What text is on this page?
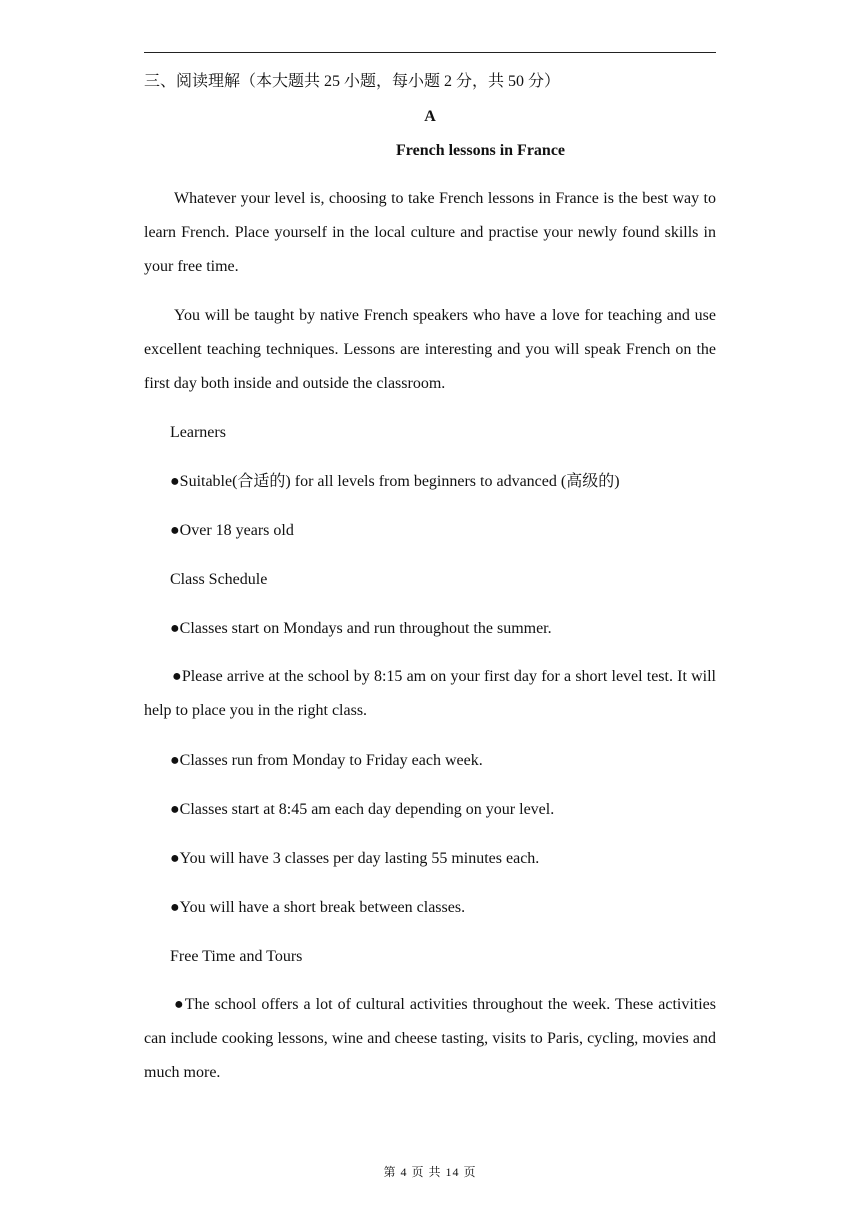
三、阅读理解（本大题共 25 小题，每小题 2 分，共 50 分）
A
French lessons in France

Whatever your level is, choosing to take French lessons in France is the best way to learn French. Place yourself in the local culture and practise your newly found skills in your free time.

You will be taught by native French speakers who have a love for teaching and use excellent teaching techniques. Lessons are interesting and you will speak French on the first day both inside and outside the classroom.

Learners
●Suitable(合适的) for all levels from beginners to advanced (高级的)
●Over 18 years old
Class Schedule
●Classes start on Mondays and run throughout the summer.

●Please arrive at the school by 8:15 am on your first day for a short level test. It will help to place you in the right class.

●Classes run from Monday to Friday each week.
●Classes start at 8:45 am each day depending on your level.
●You will have 3 classes per day lasting 55 minutes each.
●You will have a short break between classes.
Free Time and Tours

●The school offers a lot of cultural activities throughout the week. These activities can include cooking lessons, wine and cheese tasting, visits to Paris, cycling, movies and much more.

第 4 页 共 14 页
